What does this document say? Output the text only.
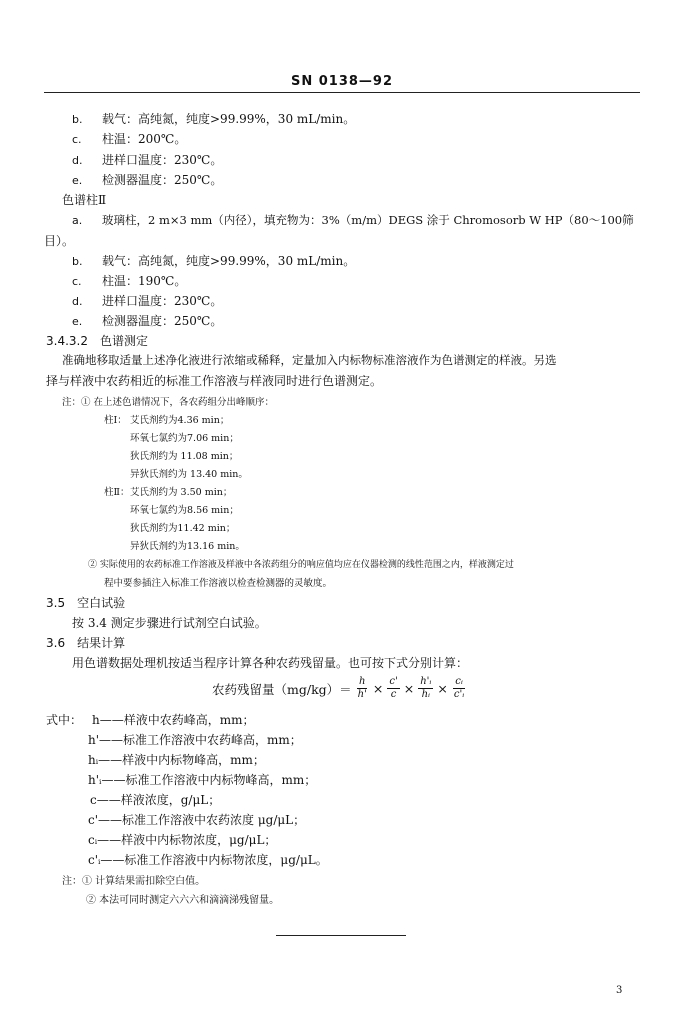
SN 0138—92
b. 载气：高纯氮，纯度>99.99%，30 mL/min。
c. 柱温：200℃。
d. 进样口温度：230℃。
e. 检测器温度：250℃。
色谱柱Ⅱ
a. 玻璃柱，2 m×3 mm（内径），填充物为：3%（m/m）DEGS 涂于 Chromosorb W HP（80～100筛
目）。
b. 载气：高纯氮，纯度>99.99%，30 mL/min。
c. 柱温：190℃。
d. 进样口温度：230℃。
e. 检测器温度：250℃。
3.4.3.2　色谱测定
准确地移取适量上述净化液进行浓缩或稀释，定量加入内标物标准溶液作为色谱测定的样液。另选
择与样液中农药相近的标准工作溶液与样液同时进行色谱测定。
注：① 在上述色谱情况下，各农药组分出峰顺序：
柱Ⅰ： 艾氏剂约为4.36 min；
环氧七氯约为7.06 min；
狄氏剂约为 11.08 min；
异狄氏剂约为 13.40 min。
柱Ⅱ： 艾氏剂约为 3.50 min；
环氧七氯约为8.56 min；
狄氏剂约为11.42 min；
异狄氏剂约为13.16 min。
② 实际使用的农药标准工作溶液及样液中各浓药组分的响应值均应在仪器检测的线性范围之内，样液测定过
程中要参插注入标准工作溶液以检查检测器的灵敏度。
3.5　空白试验
按 3.4 测定步骤进行试剂空白试验。
3.6　结果计算
用色谱数据处理机按适当程序计算各种农药残留量。也可按下式分别计算：
农药残留量$(mg/kg)= \frac{h}{h'} \times \frac{c'}{c} \times \frac{\text{h'ᵢ}}{\text{hᵢ}} \times \frac{\text{cᵢ}}{\text{c'ᵢ}}$
式中： h——样液中农药峰高，mm；
h'——标准工作溶液中农药峰高，mm；
hᵢ——样液中内标物峰高，mm；
h'ᵢ——标准工作溶液中内标物峰高，mm；
c——样液浓度，g/μL；
c'——标准工作溶液中农药浓度 μg/μL；
cᵢ——样液中内标物浓度，μg/μL；
c'ᵢ——标准工作溶液中内标物浓度，μg/μL。
注：① 计算结果需扣除空白值。
② 本法可同时测定六六六和滴滴涕残留量。
3
